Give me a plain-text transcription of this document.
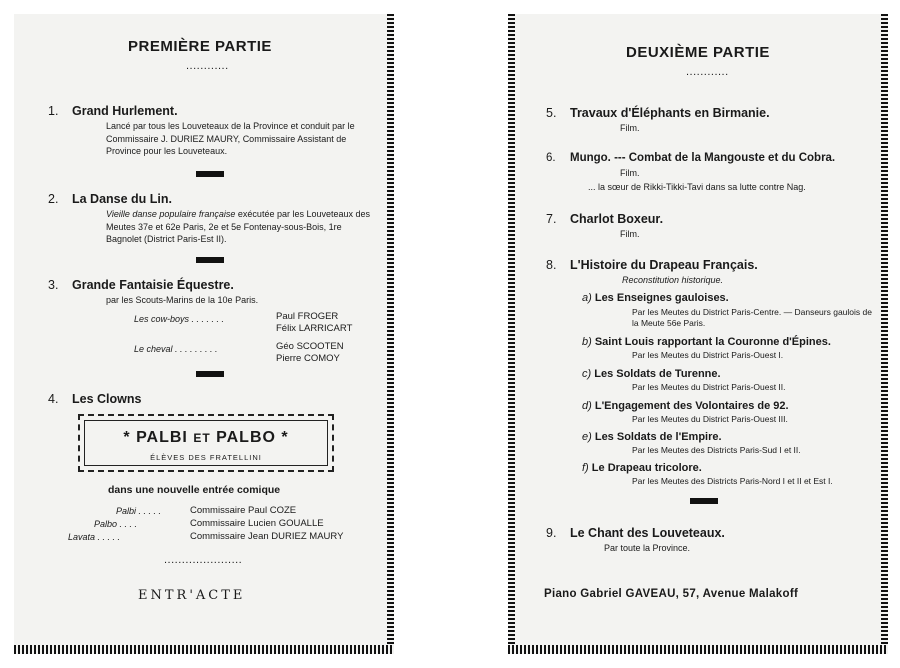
PREMIÈRE PARTIE
............
1. Grand Hurlement.
Lancé par tous les Louveteaux de la Province et conduit par le Commissaire J. DURIEZ MAURY, Commissaire Assistant de Province pour les Louveteaux.
2. La Danse du Lin.
Vieille danse populaire française exécutée par les Louveteaux des Meutes 37e et 62e Paris, 2e et 5e Fontenay-sous-Bois, 1re Bagnolet (District Paris-Est II).
3. Grande Fantaisie Équestre.
par les Scouts-Marins de la 10e Paris.
Les cow-boys . . . . . . .	Paul FROGER
Félix LARRICART
Le cheval . . . . . . . . .	Géo SCOOTEN
Pierre COMOY
4. Les Clowns
* PALBI ET PALBO *
ÉLÈVES DES FRATELLINI
dans une nouvelle entrée comique
Palbi . . . . .	Commissaire Paul COZE
Palbo . . . .	Commissaire Lucien GOUALLE
Lavata . . . . .	Commissaire Jean DURIEZ MAURY
......................
ENTR'ACTE
DEUXIÈME PARTIE
............
5. Travaux d'Éléphants en Birmanie.
Film.
6. Mungo. --- Combat de la Mangouste et du Cobra.
Film.
... la sœur de Rikki-Tikki-Tavi dans sa lutte contre Nag.
7. Charlot Boxeur.
Film.
8. L'Histoire du Drapeau Français.
Reconstitution historique.
a) Les Enseignes gauloises.
Par les Meutes du District Paris-Centre. — Danseurs gaulois de la Meute 56e Paris.
b) Saint Louis rapportant la Couronne d'Épines.
Par les Meutes du District Paris-Ouest I.
c) Les Soldats de Turenne.
Par les Meutes du District Paris-Ouest II.
d) L'Engagement des Volontaires de 92.
Par les Meutes du District Paris-Ouest III.
e) Les Soldats de l'Empire.
Par les Meutes des Districts Paris-Sud I et II.
f) Le Drapeau tricolore.
Par les Meutes des Districts Paris-Nord I et II et Est I.
9. Le Chant des Louveteaux.
Par toute la Province.
Piano Gabriel GAVEAU, 57, Avenue Malakoff
